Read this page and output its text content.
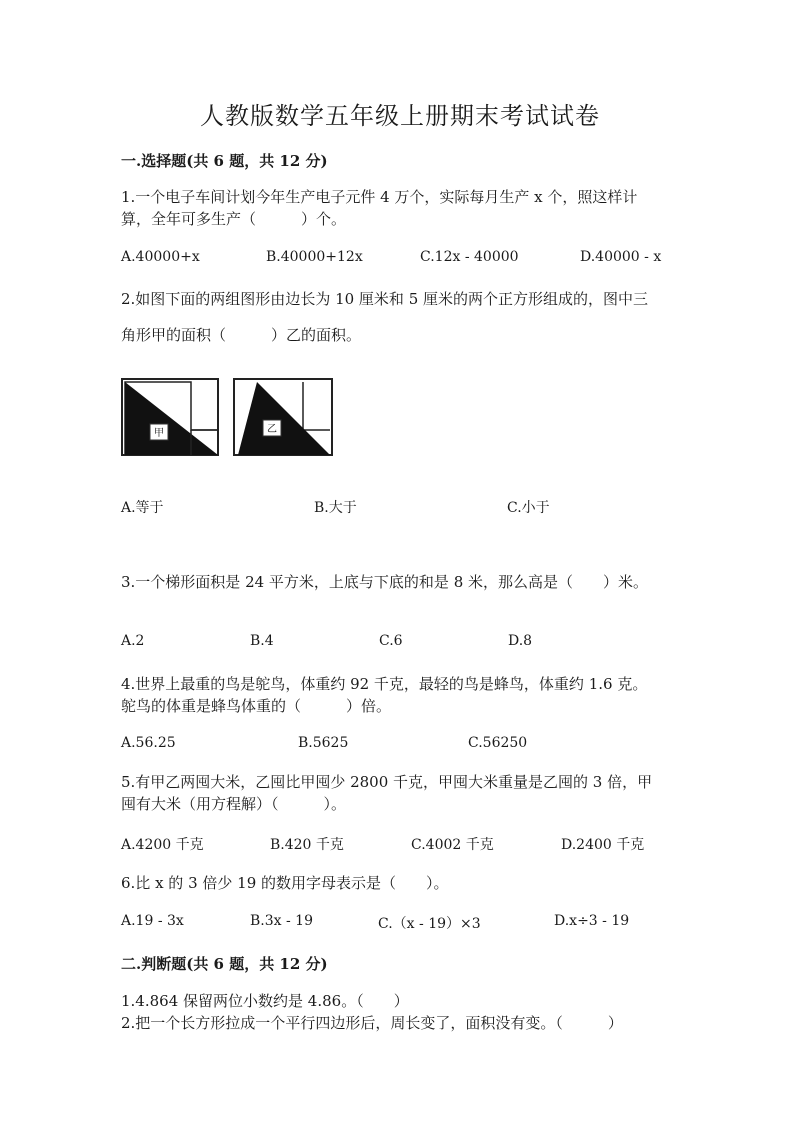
人教版数学五年级上册期末考试试卷
一.选择题(共 6 题，共 12 分)
1.一个电子车间计划今年生产电子元件 4 万个，实际每月生产 x 个，照这样计
算，全年可多生产（　　　）个。
A.40000+x	B.40000+12x	C.12x - 40000	D.40000 - x
2.如图下面的两组图形由边长为 10 厘米和 5 厘米的两个正方形组成的，图中三
角形甲的面积（　　　）乙的面积。
甲	乙
A.等于	B.大于	C.小于
3.一个梯形面积是 24 平方米，上底与下底的和是 8 米，那么高是（　　）米。
A.2	B.4	C.6	D.8
4.世界上最重的鸟是鸵鸟，体重约 92 千克，最轻的鸟是蜂鸟，体重约 1.6 克。
鸵鸟的体重是蜂鸟体重的（　　　）倍。
A.56.25	B.5625	C.56250
5.有甲乙两囤大米，乙囤比甲囤少 2800 千克，甲囤大米重量是乙囤的 3 倍，甲
囤有大米（用方程解）（　　　）。
A.4200 千克	B.420 千克	C.4002 千克	D.2400 千克
6.比 x 的 3 倍少 19 的数用字母表示是（　　）。
A.19 - 3x	B.3x - 19	C.（x - 19）×3	D.x÷3 - 19
二.判断题(共 6 题，共 12 分)
1.4.864 保留两位小数约是 4.86。（　　）
2.把一个长方形拉成一个平行四边形后，周长变了，面积没有变。（　　　）
